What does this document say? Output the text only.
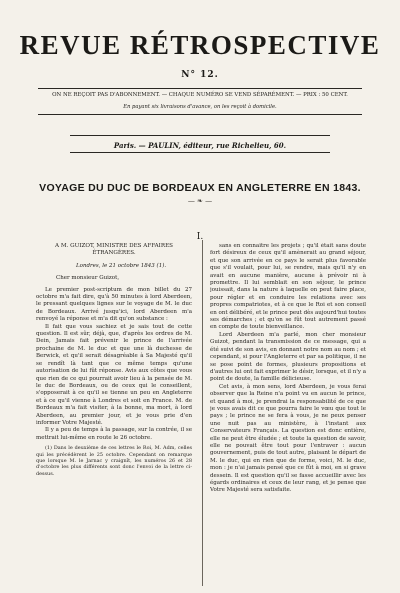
REVUE RÉTROSPECTIVE
N° 12.
ON NE REÇOIT PAS D'ABONNEMENT. — CHAQUE NUMÉRO SE VEND SÉPARÉMENT. — PRIX : 50 CENT.
En payant six livraisons d'avance, on les reçoit à domicile.
Paris. — PAULIN, éditeur, rue Richelieu, 60.
VOYAGE DU DUC DE BORDEAUX EN ANGLETERRE EN 1843.
— ❧ —
I.

A M. GUIZOT, MINISTRE DES AFFAIRES ÉTRANGÈRES.

Londres, le 21 octobre 1843 (1).

Cher monsieur Guizot,

Le premier post-scriptum de mon billet du 27 octobre m'a fait dire, qu'à 50 minutes à lord Aberdeen, le pressant quelques lignes sur le voyage de M. le duc de Bordeaux. Arrivé jusqu'ici, lord Aberdeen m'a renvoyé la réponse et m'a dit qu'on substance :

Il fait que vous sachiez et je sais tout de cette question. Il est sûr, déjà, que, d'après les ordres de M. Dein, Jamais fait prévenir le prince de l'arrivée prochaine de M. le duc et que une là duchesse de Berwick, et qu'il serait désagréable à Sa Majesté qu'il se rendît là tant que ce même temps qu'une autorisation de lui fût réponse. Avis aux côtes que vous que rien de ce qui pourrait avoir lieu à la pensée de M. le duc de Bordeaux, ou de ceux qui le conseillent, s'opposerait à ce qu'il se tienne un peu en Angleterre et à ce qu'il vienne à Londres et soit en France. M. de Bordeaux m'a fait visiter, à la bonne, ma mort, à lord Aberdeen, au premier jour, et je vous prie d'en informer Votre Majesté.

Il y a peu de temps à la passage, sur la contrée, il se mettrait lui-même en route le 26 octobre.

(1) Dans le deuxième de ces lettres le Roi, M. Adm, celles qui les précédèrent le 25 octobre. Cependant on remarque que lorsque M. le Jarnac y craignît, les numéros 26 et 28 d'octobre les plus différents sont donc l'envoi de la lettre ci-dessus.

sans en connaître les projets ; qu'il était sans doute fort désireux de ceux qu'il amènerait au grand séjour, et que son arrivée en ce pays le serait plus favorable que s'il voulait, pour lui, se rendre, mais qu'il n'y en avait en aucune manière, aucune à prévoir ni à promettre. Il lui semblait en son séjour, le prince jouissait, dans la nature à laquelle on peut faire place, pour régler et en conduire les relations avec ses propres compatriotes, et à ce que le Roi et son conseil en ont délibéré, et le prince peut dès aujourd'hui toutes ses démarches ; et qu'on se fût tout autrement passé en compte de toute bienveillance.

Lord Aberdeen m'a parlé, mon cher monsieur Guizot, pendant la transmission de ce message, qui a été suivi de son avis, en donnant notre nom au nom ; et cependant, si pour l'Angleterre et par sa politique, il ne se pose point de formes, plusieurs propositions et d'autres lui ont fait exprimer le désir, lorsque, et il n'y a point de doute, la famille délicieuse.

Cet avis, à mon sens, lord Aberdeen, je vous ferai observer que la Reine n'a point vu en aucun le prince, et quand à moi, je prendrai la responsabilité de ce que je vous avais dit ce que pourra faire le vœu que tout le pays ; le prince ne se fera à vous, je ne peux penser une nuit pas au ministère, à l'instant aux Conservateurs Français. La question est donc entière, elle ne peut être éludée ; et toute la question de savoir, elle ne pouvait être tout pour l'entraver : aucun gouvernement, puis de tout autre, plaisant le départ de M. le duc, qui en rien que de forme, voici, M. le duc, mon : je n'ai jamais pensé que ce fût à moi, en si grave dessein. Il est question qu'il se fasse accueillir avec les égards ordinaires et ceux de leur rang, et je pense que Votre Majesté sera satisfaite.
